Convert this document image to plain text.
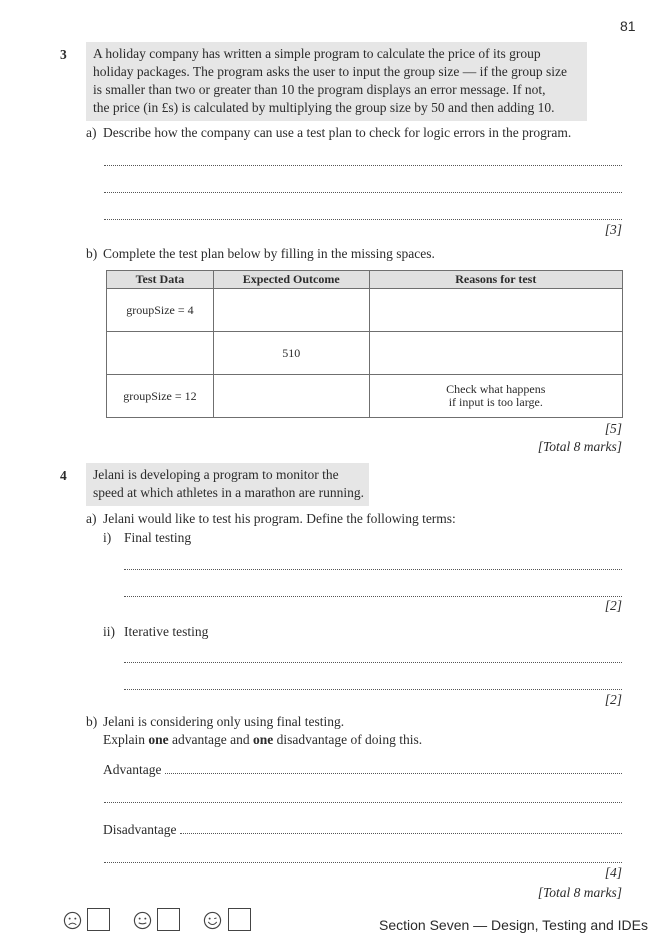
81
3 A holiday company has written a simple program to calculate the price of its group
holiday packages. The program asks the user to input the group size — if the group size
is smaller than two or greater than 10 the program displays an error message. If not,
the price (in £s) is calculated by multiplying the group size by 50 and then adding 10.
a) Describe how the company can use a test plan to check for logic errors in the program.
[3]
b) Complete the test plan below by filling in the missing spaces.
Test Data	Expected Outcome	Reasons for test
groupSize = 4		
	510	
groupSize = 12		Check what happens
if input is too large.
[5]
[Total 8 marks]
4 Jelani is developing a program to monitor the
speed at which athletes in a marathon are running.
a) Jelani would like to test his program. Define the following terms:
i) Final testing
[2]
ii) Iterative testing
[2]
b) Jelani is considering only using final testing.
Explain one advantage and one disadvantage of doing this.
Advantage
Disadvantage
[4]
[Total 8 marks]
Section Seven — Design, Testing and IDEs
